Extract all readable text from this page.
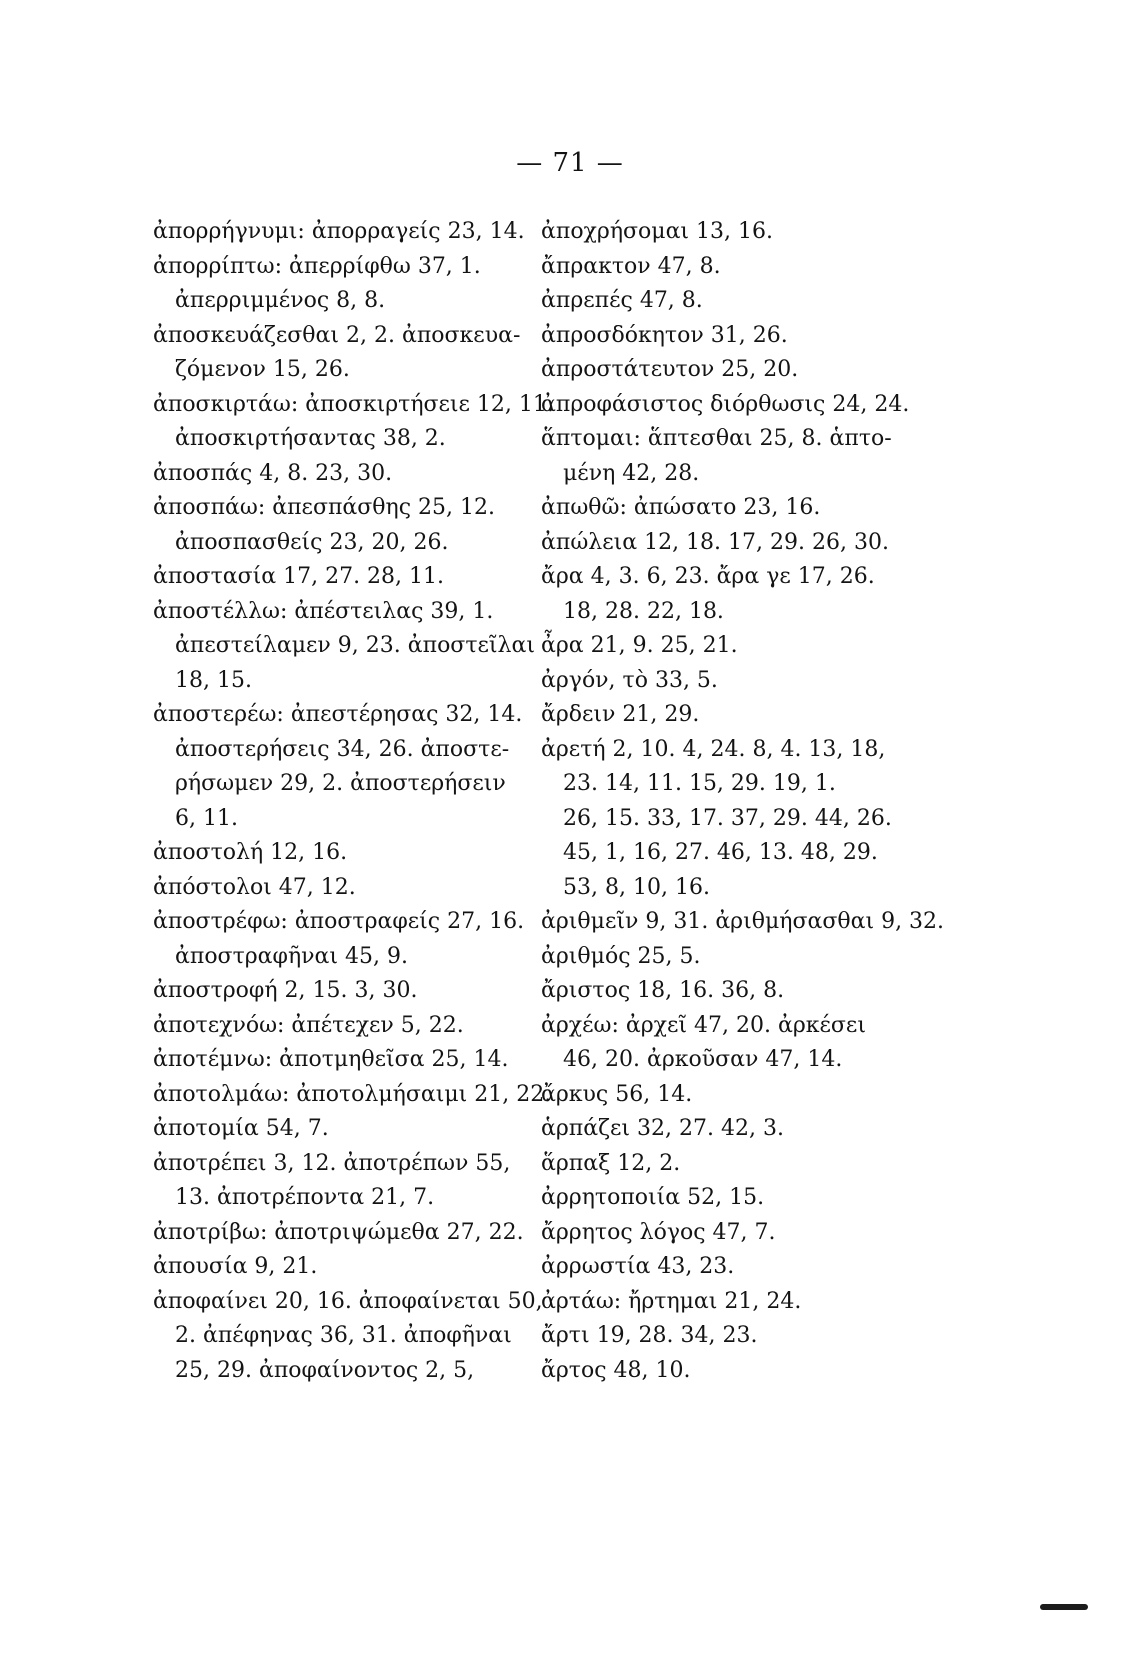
— 71 —
ἀπορρήγνυμι: ἀπορραγείς 23, 14.
ἀπορρίπτω: ἀπερρίφθω 37, 1.
ἀπερριμμένος 8, 8.
ἀποσκευάζεσθαι 2, 2. ἀποσκευα-
ζόμενον 15, 26.
ἀποσκιρτάω: ἀποσκιρτήσειε 12, 11.
ἀποσκιρτήσαντας 38, 2.
ἀποσπάς 4, 8. 23, 30.
ἀποσπάω: ἀπεσπάσθης 25, 12.
ἀποσπασθείς 23, 20, 26.
ἀποστασία 17, 27. 28, 11.
ἀποστέλλω: ἀπέστειλας 39, 1.
ἀπεστείλαμεν 9, 23. ἀποστεῖλαι
18, 15.
ἀποστερέω: ἀπεστέρησας 32, 14.
ἀποστερήσεις 34, 26. ἀποστε-
ρήσωμεν 29, 2. ἀποστερήσειν
6, 11.
ἀποστολή 12, 16.
ἀπόστολοι 47, 12.
ἀποστρέφω: ἀποστραφείς 27, 16.
ἀποστραφῆναι 45, 9.
ἀποστροφή 2, 15. 3, 30.
ἀποτεχνόω: ἀπέτεχεν 5, 22.
ἀποτέμνω: ἀποτμηθεῖσα 25, 14.
ἀποτολμάω: ἀποτολμήσαιμι 21, 22.
ἀποτομία 54, 7.
ἀποτρέπει 3, 12. ἀποτρέπων 55,
13. ἀποτρέποντα 21, 7.
ἀποτρίβω: ἀποτριψώμεθα 27, 22.
ἀπουσία 9, 21.
ἀποφαίνει 20, 16. ἀποφαίνεται 50,
2. ἀπέφηνας 36, 31. ἀποφῆναι
25, 29. ἀποφαίνοντος 2, 5,
ἀποχρήσομαι 13, 16.
ἄπρακτον 47, 8.
ἀπρεπές 47, 8.
ἀπροσδόκητον 31, 26.
ἀπροστάτευτον 25, 20.
ἀπροφάσιστος διόρθωσις 24, 24.
ἅπτομαι: ἅπτεσθαι 25, 8. ἁπτο-
μένη 42, 28.
ἀπωθῶ: ἀπώσατο 23, 16.
ἀπώλεια 12, 18. 17, 29. 26, 30.
ἄρα 4, 3. 6, 23. ἄρα γε 17, 26.
18, 28. 22, 18.
ἆρα 21, 9. 25, 21.
ἀργόν, τὸ 33, 5.
ἄρδειν 21, 29.
ἀρετή 2, 10. 4, 24. 8, 4. 13, 18,
23. 14, 11. 15, 29. 19, 1.
26, 15. 33, 17. 37, 29. 44, 26.
45, 1, 16, 27. 46, 13. 48, 29.
53, 8, 10, 16.
ἀριθμεῖν 9, 31. ἀριθμήσασθαι 9, 32.
ἀριθμός 25, 5.
ἄριστος 18, 16. 36, 8.
ἀρχέω: ἀρχεῖ 47, 20. ἀρκέσει
46, 20. ἀρκοῦσαν 47, 14.
ἄρκυς 56, 14.
ἁρπάζει 32, 27. 42, 3.
ἅρπαξ 12, 2.
ἀρρητοποιία 52, 15.
ἄρρητος λόγος 47, 7.
ἀρρωστία 43, 23.
ἀρτάω: ἤρτημαι 21, 24.
ἄρτι 19, 28. 34, 23.
ἄρτος 48, 10.
